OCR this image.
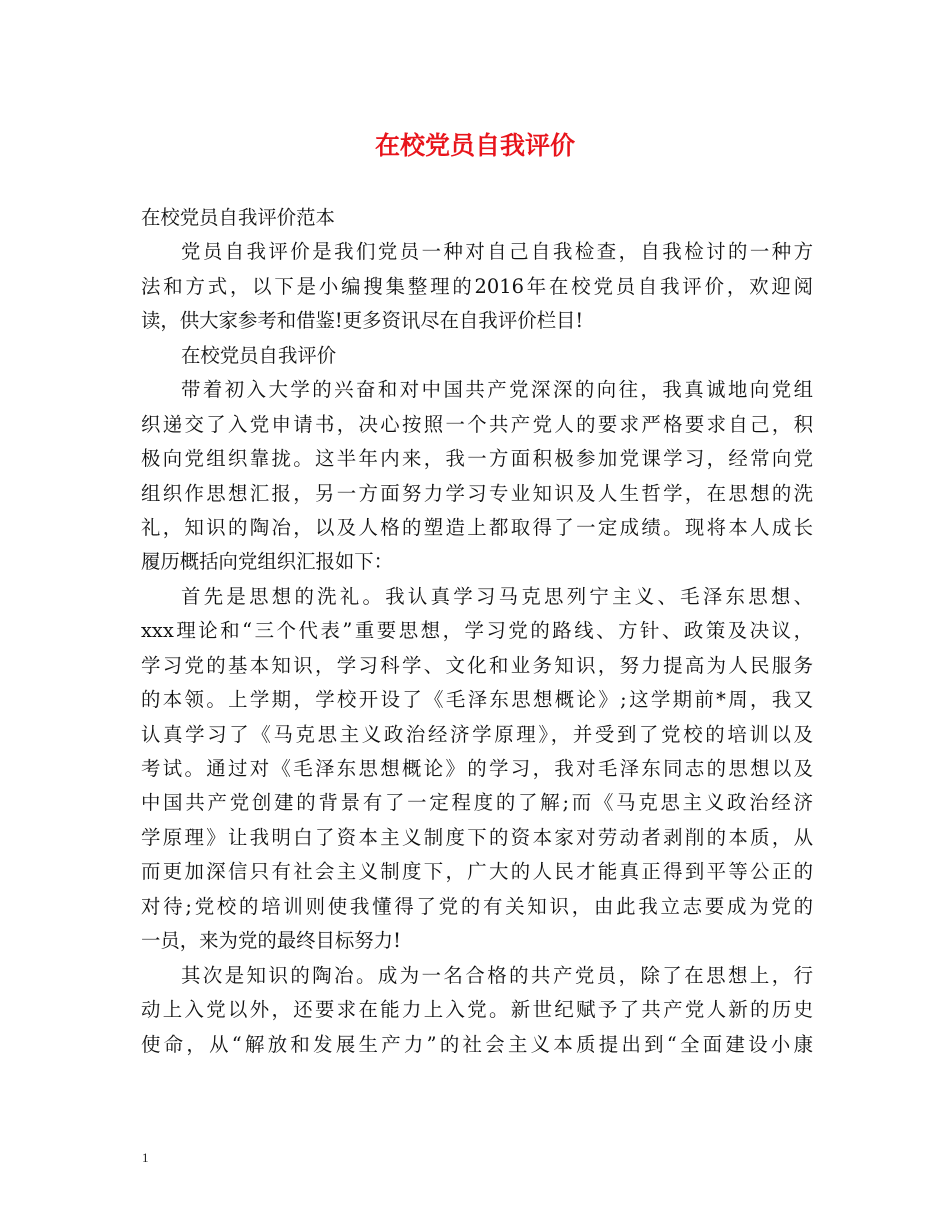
在校党员自我评价
在校党员自我评价范本
党员自我评价是我们党员一种对自己自我检查，自我检讨的一种方
法和方式，以下是小编搜集整理的2016年在校党员自我评价，欢迎阅
读，供大家参考和借鉴!更多资讯尽在自我评价栏目!
在校党员自我评价
带着初入大学的兴奋和对中国共产党深深的向往，我真诚地向党组
织递交了入党申请书，决心按照一个共产党人的要求严格要求自己，积
极向党组织靠拢。这半年内来，我一方面积极参加党课学习，经常向党
组织作思想汇报，另一方面努力学习专业知识及人生哲学，在思想的洗
礼，知识的陶冶，以及人格的塑造上都取得了一定成绩。现将本人成长
履历概括向党组织汇报如下：
首先是思想的洗礼。我认真学习马克思列宁主义、毛泽东思想、
xxx理论和“三个代表”重要思想，学习党的路线、方针、政策及决议，
学习党的基本知识，学习科学、文化和业务知识，努力提高为人民服务
的本领。上学期，学校开设了《毛泽东思想概论》;这学期前*周，我又
认真学习了《马克思主义政治经济学原理》，并受到了党校的培训以及
考试。通过对《毛泽东思想概论》的学习，我对毛泽东同志的思想以及
中国共产党创建的背景有了一定程度的了解;而《马克思主义政治经济
学原理》让我明白了资本主义制度下的资本家对劳动者剥削的本质，从
而更加深信只有社会主义制度下，广大的人民才能真正得到平等公正的
对待;党校的培训则使我懂得了党的有关知识，由此我立志要成为党的
一员，来为党的最终目标努力!
其次是知识的陶冶。成为一名合格的共产党员，除了在思想上，行
动上入党以外，还要求在能力上入党。新世纪赋予了共产党人新的历史
使命，从“解放和发展生产力”的社会主义本质提出到“全面建设小康
1
